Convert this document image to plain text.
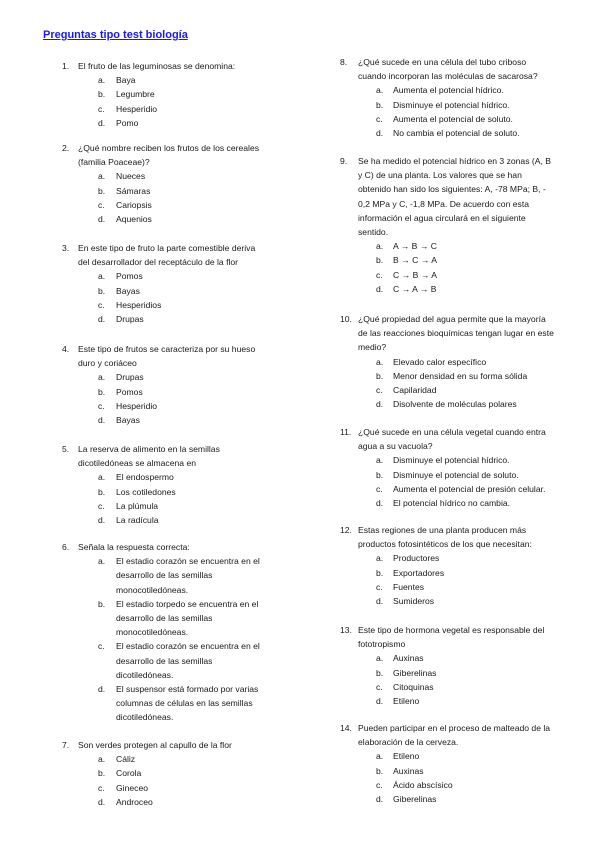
Preguntas tipo test biología
1. El fruto de las leguminosas se denomina:
a. Baya
b. Legumbre
c. Hesperidio
d. Pomo
2. ¿Qué nombre reciben los frutos de los cereales
(familia Poaceae)?
a. Nueces
b. Sámaras
c. Cariopsis
d. Aquenios
3. En este tipo de fruto la parte comestible deriva
del desarrollador del receptáculo de la flor
a. Pomos
b. Bayas
c. Hesperidios
d. Drupas
4. Este tipo de frutos se caracteriza por su hueso
duro y coriáceo
a. Drupas
b. Pomos
c. Hesperidio
d. Bayas
5. La reserva de alimento en la semillas
dicotiledóneas se almacena en
a. El endospermo
b. Los cotiledones
c. La plúmula
d. La radícula
6. Señala la respuesta correcta:
a. El estadio corazón se encuentra en el
desarrollo de las semillas
monocotiledóneas.
b. El estadio torpedo se encuentra en el
desarrollo de las semillas
monocotiledóneas.
c. El estadio corazón se encuentra en el
desarrollo de las semillas
dicotiledóneas.
d. El suspensor está formado por varias
columnas de células en las semillas
dicotiledóneas.
7. Son verdes protegen al capullo de la flor
a. Cáliz
b. Corola
c. Gineceo
d. Androceo
8. ¿Qué sucede en una célula del tubo criboso
cuando incorporan las moléculas de sacarosa?
a. Aumenta el potencial hídrico.
b. Disminuye el potencial hídrico.
c. Aumenta el potencial de soluto.
d. No cambia el potencial de soluto.
9. Se ha medido el potencial hídrico en 3 zonas (A, B
y C) de una planta. Los valores que se han
obtenido han sido los siguientes: A, -78 MPa; B, -
0,2 MPa y C, -1,8 MPa. De acuerdo con esta
información el agua circulará en el siguiente
sentido.
a. A → B → C
b. B → C → A
c. C → B → A
d. C → A → B
10. ¿Qué propiedad del agua permite que la mayoría
de las reacciones bioquímicas tengan lugar en este
medio?
a. Elevado calor específico
b. Menor densidad en su forma sólida
c. Capilaridad
d. Disolvente de moléculas polares
11. ¿Qué sucede en una célula vegetal cuando entra
agua a su vacuola?
a. Disminuye el potencial hídrico.
b. Disminuye el potencial de soluto.
c. Aumenta el potencial de presión celular.
d. El potencial hídrico no cambia.
12. Estas regiones de una planta producen más
productos fotosintéticos de los que necesitan:
a. Productores
b. Exportadores
c. Fuentes
d. Sumideros
13. Este tipo de hormona vegetal es responsable del
fototropismo
a. Auxinas
b. Giberelinas
c. Citoquinas
d. Etileno
14. Pueden participar en el proceso de malteado de la
elaboración de la cerveza.
a. Etileno
b. Auxinas
c. Ácido abscísico
d. Giberelinas
